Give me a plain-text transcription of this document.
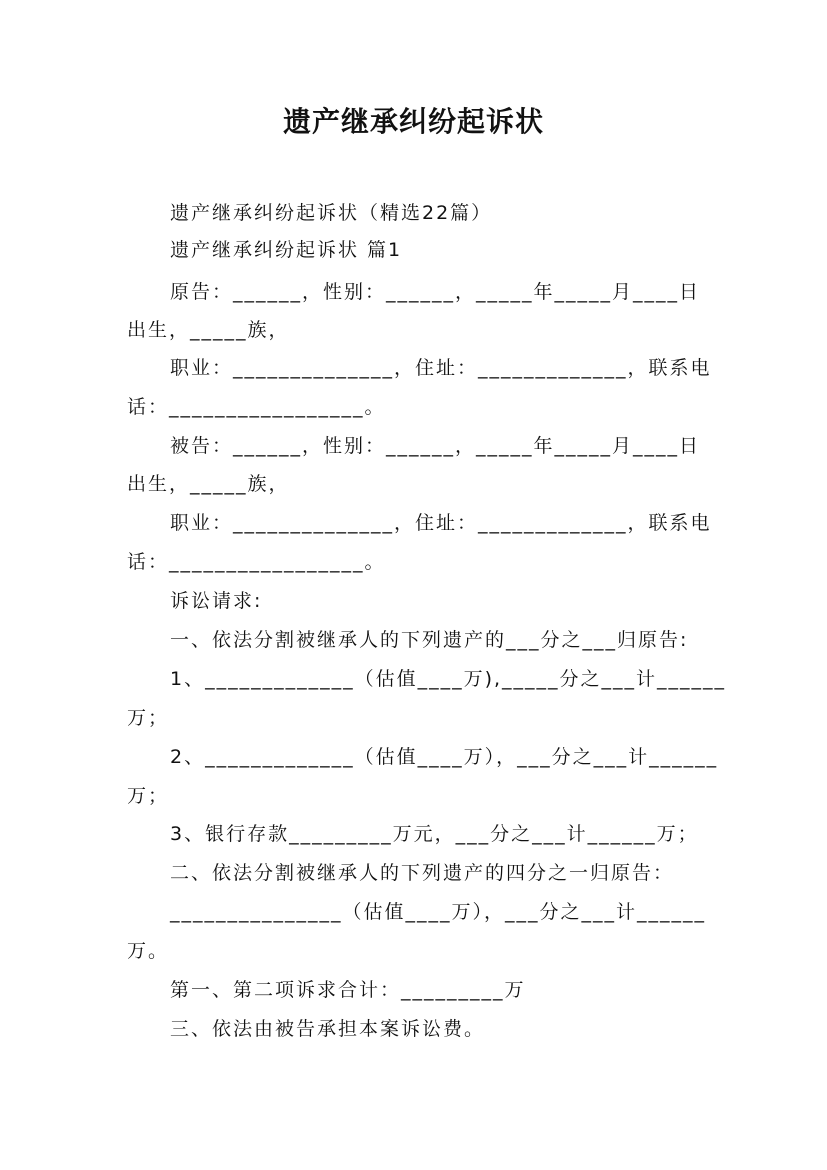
遗产继承纠纷起诉状
遗产继承纠纷起诉状（精选22篇）
遗产继承纠纷起诉状 篇1
原告：______，性别：______，_____年_____月____日
出生，_____族，
职业：______________，住址：_____________，联系电
话：_________________。
被告：______，性别：______，_____年_____月____日
出生，_____族，
职业：______________，住址：_____________，联系电
话：_________________。
诉讼请求:
一、依法分割被继承人的下列遗产的___分之___归原告:
1、_____________（估值____万),_____分之___计______
万；
2、_____________（估值____万），___分之___计______
万；
3、银行存款_________万元，___分之___计______万；
二、依法分割被继承人的下列遗产的四分之一归原告：
_______________（估值____万），___分之___计______
万。
第一、第二项诉求合计：_________万
三、依法由被告承担本案诉讼费。
